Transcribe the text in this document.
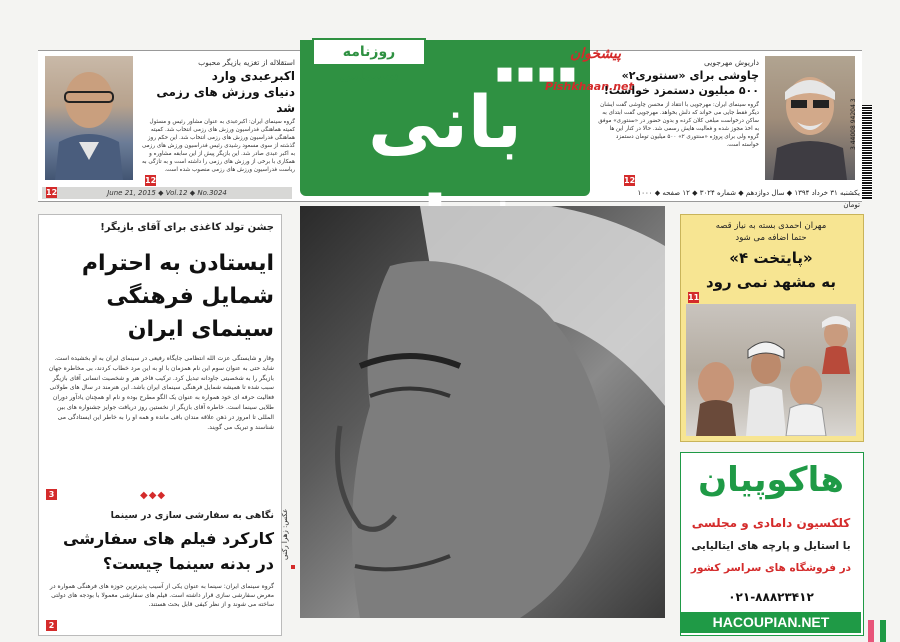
استقلاله از تغزیه بازیگر محبوب
اکبرعبدی وارد
دنیای ورزش های رزمی شد
گروه سینمای ایران: اکبرعبدی به عنوان مشاور رئیس و مسئول کمیته هماهنگی فدراسیون ورزش های رزمی انتخاب شد. کمیته هماهنگی فدراسیون ورزش های رزمی انتخاب شد. این حکم روز گذشته از سوی مسعود رشیدی رئیس فدراسیون ورزش های رزمی به اکبر عبدی صادر شد. این بازیگر پیش از این سابقه مشاوره و همکاری با برخی از ورزش های رزمی را داشته است و به تازگی به ریاست فدراسیون ورزش های رزمی منصوب شده است.
12
بانی
روزنامه سینمایی	▪▪▪▪
پیشخوان
Pishkhaan.net
داریوش مهرجویی
چاوشی برای «سنتوری۲»
۵۰۰ میلیون دستمزد خواست!
گروه سینمای ایران: مهرجویی با انتقاد از محسن چاوشی گفت ایشان دیگر فقط جایی می خواند که دلش بخواهد. مهرجویی گفت ابتدای به ساکن درخواست مبلغی کلان کرده و بدون حضور در «سنتوری» موفق به اخذ مجوز شده و فعالیت هایش رسمی شد. حالا در کنار این ها گروه ولی برای پروژه «سنتوری ۲» ۵۰۰ میلیون تومان دستمزد خواسته است.
12
3 44008 94204 3
12	June 21, 2015 ◆ Vol.12 ◆ No.3024	یکشنبه ۳۱ خرداد ۱۳۹۴ ◆ سال دوازدهم ◆ شماره ۳۰۲۴ ◆ ۱۲ صفحه ◆ ۱۰۰۰ تومان
جشن تولد کاغذی برای آقای بازیگر!
ایستادن به احترام
شمایل فرهنگی
سینمای ایران
وقار و شایستگی عزت الله انتظامی جایگاه رفیعی در سینمای ایران به او بخشیده است. شاید حتی به عنوان سوم این نام همزمان با او به این مرد خطاب کردند، بی مخاطره جهان بازیگر را به شخصیتی جاودانه تبدیل کرد. ترکیب فاخر هنر و شخصیت انسانی آقای بازیگر سبب شده تا همیشه شمایل فرهنگی سینمای ایران باشد. این هنرمند در سال های طولانی فعالیت حرفه ای خود همواره به عنوان یک الگو مطرح بوده و نام او همچنان یادآور دوران طلایی سینما است. خاطره آقای بازیگر از نخستین روز دریافت جوایز جشنواره های بین المللی تا امروز در ذهن علاقه مندان باقی مانده و همه او را به خاطر این ایستادگی می شناسند و تبریک می گویند.
3	◆◆◆
نگاهی به سفارشی سازی در سینما
کارکرد فیلم های سفارشی
در بدنه سینما چیست؟
گروه سینمای ایران: سینما به عنوان یکی از آسیب پذیرترین حوزه های فرهنگی همواره در معرض سفارشی سازی قرار داشته است. فیلم های سفارشی معمولا با بودجه های دولتی ساخته می شوند و از نظر کیفی قابل بحث هستند.
2
عکس: زهرا رکنی
مهران احمدی بسته به نیاز قصه
حتما اضافه می شود
«پایتخت ۴»
به مشهد نمی رود
11
هاکوپیان
کلکسیون دامادی و مجلسی
با استایل و پارچه های ایتالیایی
در فروشگاه های سراسر کشور
۰۲۱-۸۸۸۲۳۴۱۲
HACOUPIAN.NET
